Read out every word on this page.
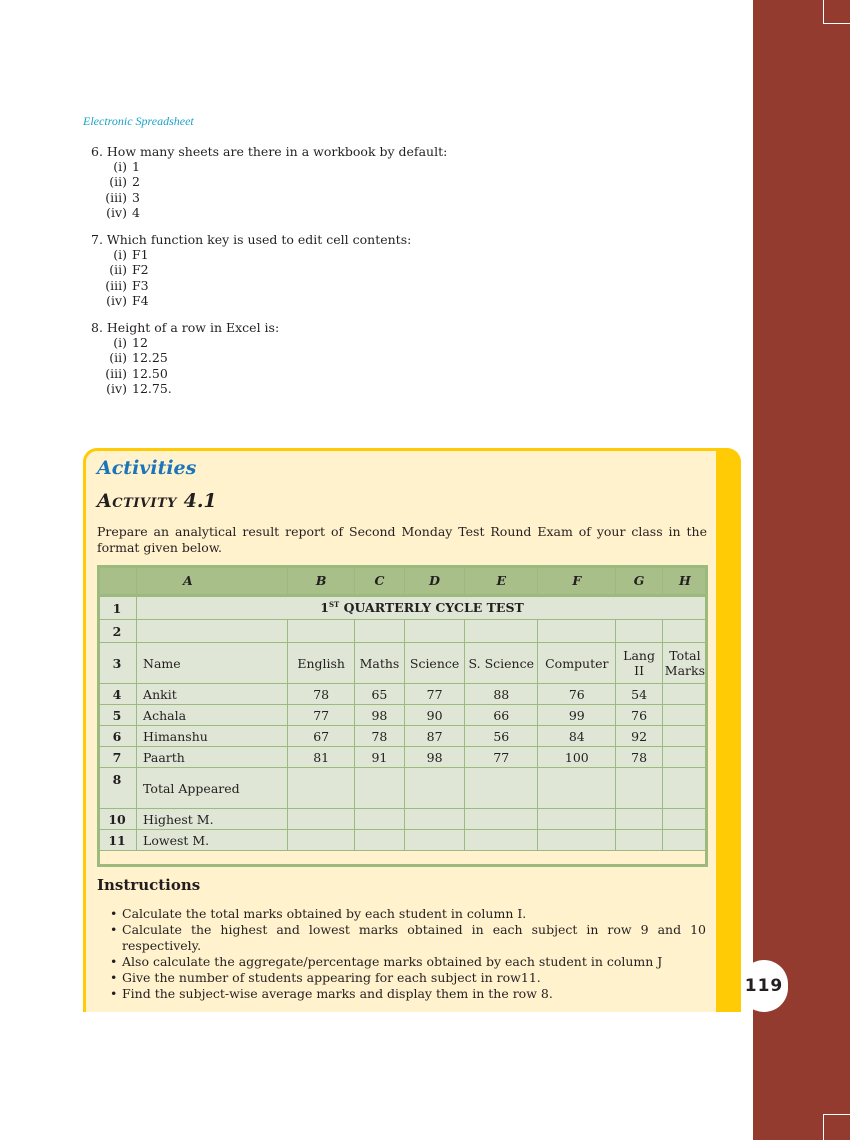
119
Electronic Spreadsheet

6. How many sheets are there in a workbook by default:

(i) 1
(ii) 2
(iii) 3
(iv) 4

7. Which function key is used to edit cell contents:

(i) F1
(ii) F2
(iii) F3
(iv) F4

8. Height of a row in Excel is:

(i) 12
(ii) 12.25
(iii) 12.50
(iv) 12.75.
Activities
Activity 4.1
Prepare an analytical result report of Second Monday Test Round Exam of your class in the format given below.
	A	B	C	D	E	F	G	H
1	1ST QUARTERLY CYCLE TEST							
2								
3	Name	English	Maths	Science	S. Science	Computer	Lang II	Total Marks
4	Ankit	78	65	77	88	76	54	
5	Achala	77	98	90	66	99	76	
6	Himanshu	67	78	87	56	84	92	
7	Paarth	81	91	98	77	100	78	
8	Total Appeared							
10	Highest M.							
11	Lowest M.							
Instructions
• Calculate the total marks obtained by each student in column I.
• Calculate the highest and lowest marks obtained in each subject in row 9 and 10 respectively.
• Also calculate the aggregate/percentage marks obtained by each student in column J
• Give the number of students appearing for each subject in row11.
• Find the subject-wise average marks and display them in the row 8.
